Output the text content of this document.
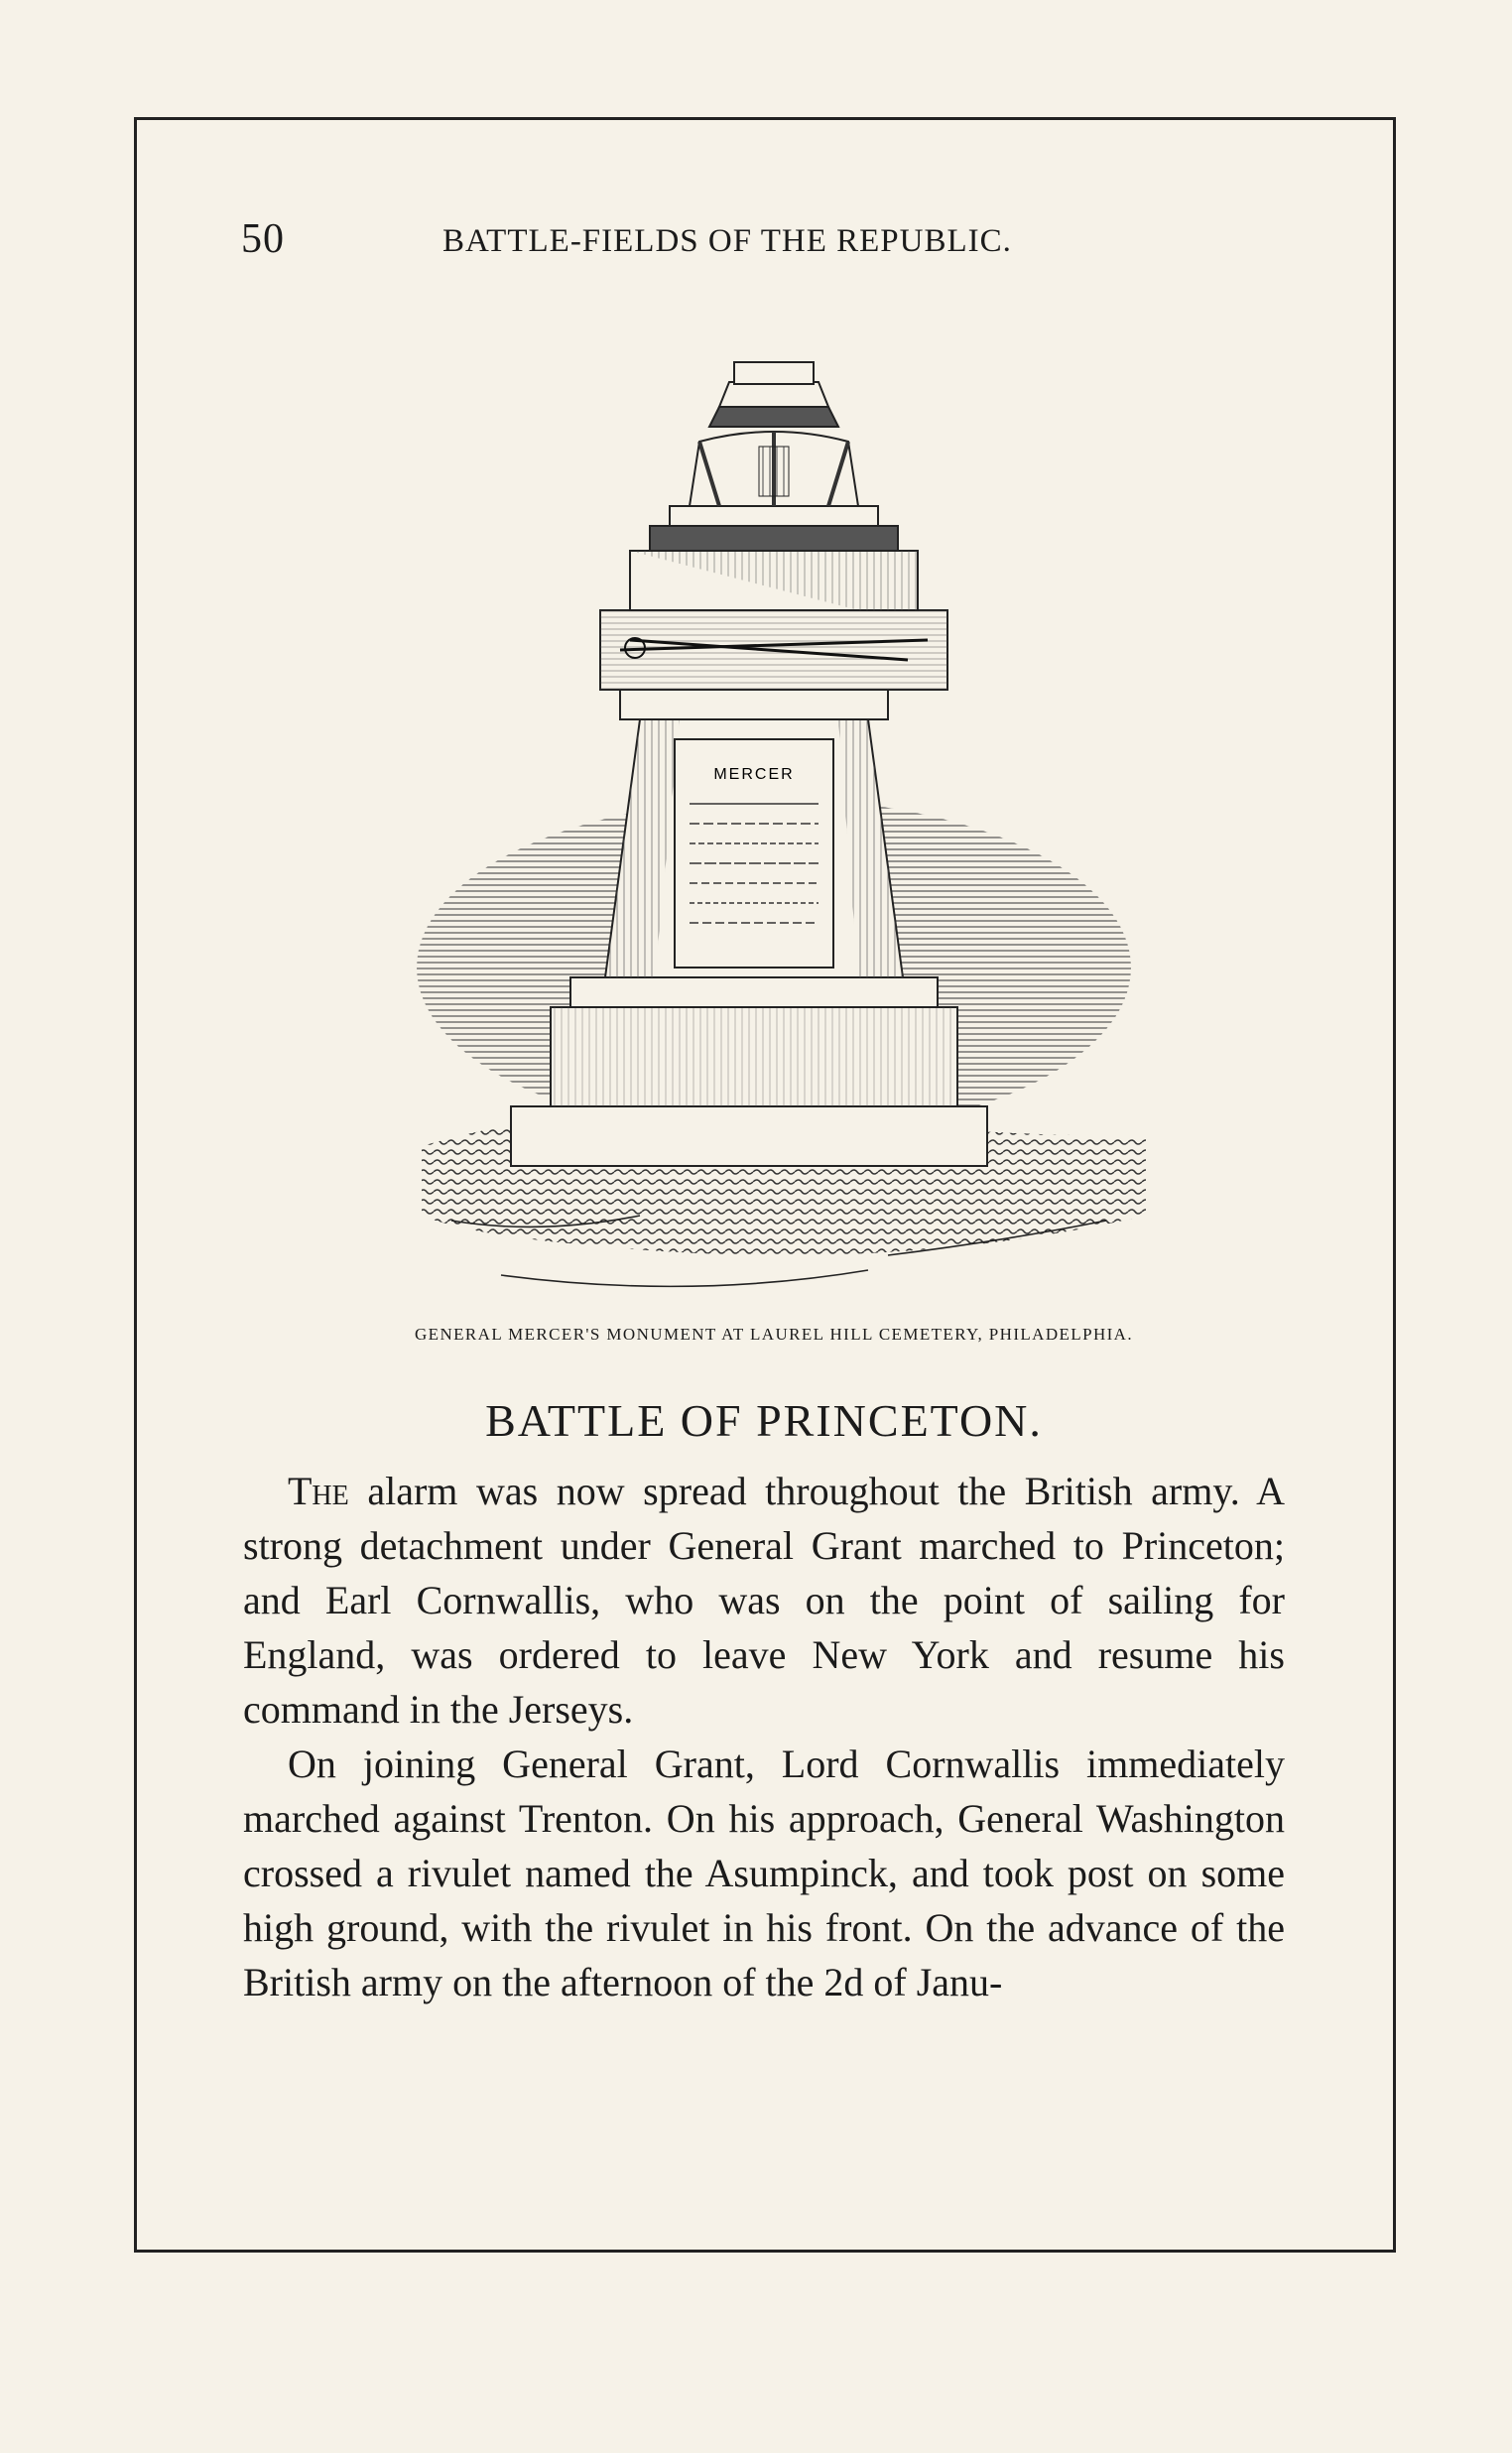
50	BATTLE-FIELDS OF THE REPUBLIC.
MERCER
GENERAL MERCER'S MONUMENT AT LAUREL HILL CEMETERY, PHILADELPHIA.
BATTLE OF PRINCETON.

The alarm was now spread throughout the British army. A strong detachment under General Grant marched to Princeton; and Earl Cornwallis, who was on the point of sailing for England, was ordered to leave New York and resume his command in the Jerseys.

On joining General Grant, Lord Cornwallis immediately marched against Trenton. On his approach, General Washington crossed a rivulet named the Asumpinck, and took post on some high ground, with the rivulet in his front. On the advance of the British army on the afternoon of the 2d of Janu-
